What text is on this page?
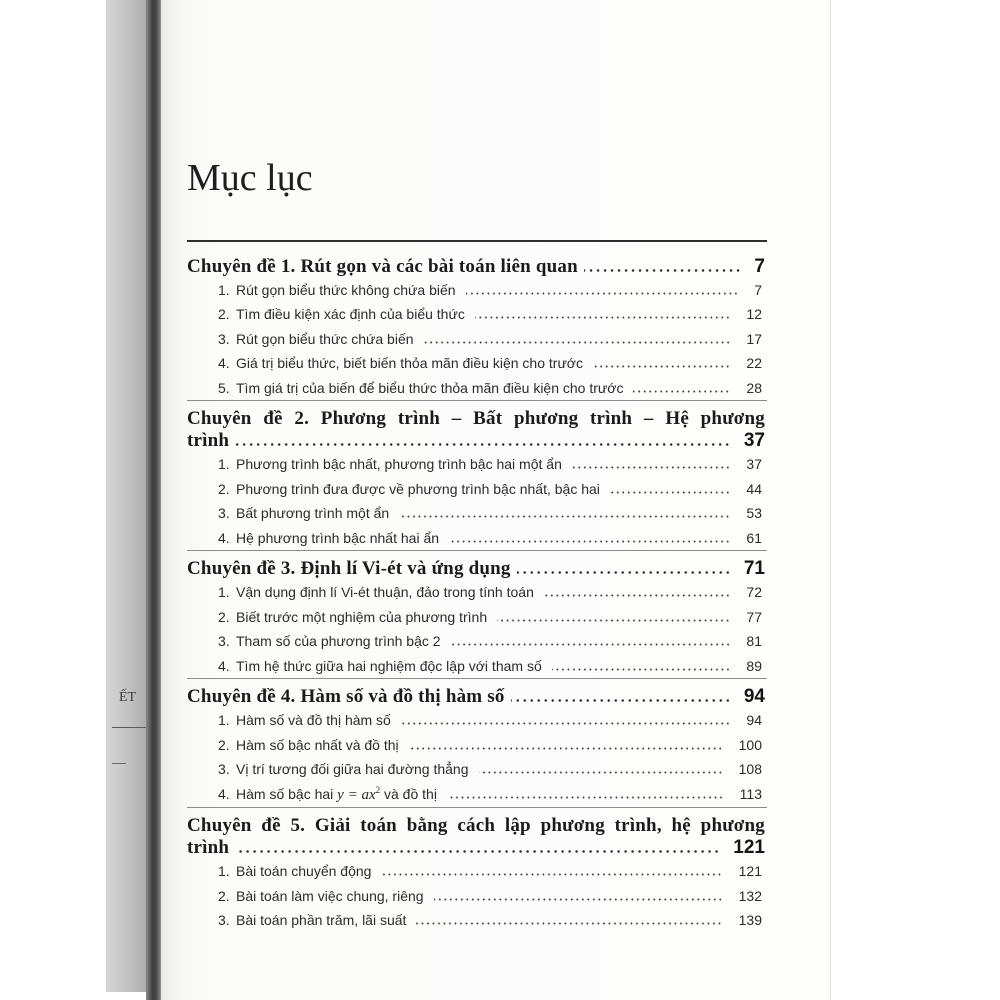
ẾT
Mục lục
Chuyên đề 1. Rút gọn và các bài toán liên quan	7
1. Rút gọn biểu thức không chứa biến	7
2. Tìm điều kiện xác định của biểu thức	12
3. Rút gọn biểu thức chứa biến	17
4. Giá trị biểu thức, biết biến thỏa mãn điều kiện cho trước	22
5. Tìm giá trị của biến để biểu thức thỏa mãn điều kiện cho trước	28
Chuyên đề 2. Phương trình – Bất phương trình – Hệ phương
trình	37
1. Phương trình bậc nhất, phương trình bậc hai một ẩn	37
2. Phương trình đưa được về phương trình bậc nhất, bậc hai	44
3. Bất phương trình một ẩn	53
4. Hệ phương trình bậc nhất hai ẩn	61
Chuyên đề 3. Định lí Vi-ét và ứng dụng	71
1. Vận dụng định lí Vi-ét thuận, đảo trong tính toán	72
2. Biết trước một nghiệm của phương trình	77
3. Tham số của phương trình bậc 2	81
4. Tìm hệ thức giữa hai nghiệm độc lập với tham số	89
Chuyên đề 4. Hàm số và đồ thị hàm số	94
1. Hàm số và đồ thị hàm số	94
2. Hàm số bậc nhất và đồ thị	100
3. Vị trí tương đối giữa hai đường thẳng	108
4. Hàm số bậc hai $y = ax^2$ và đồ thị	113
Chuyên đề 5. Giải toán bằng cách lập phương trình, hệ phương
trình	121
1. Bài toán chuyển động	121
2. Bài toán làm việc chung, riêng	132
3. Bài toán phần trăm, lãi suất	139
